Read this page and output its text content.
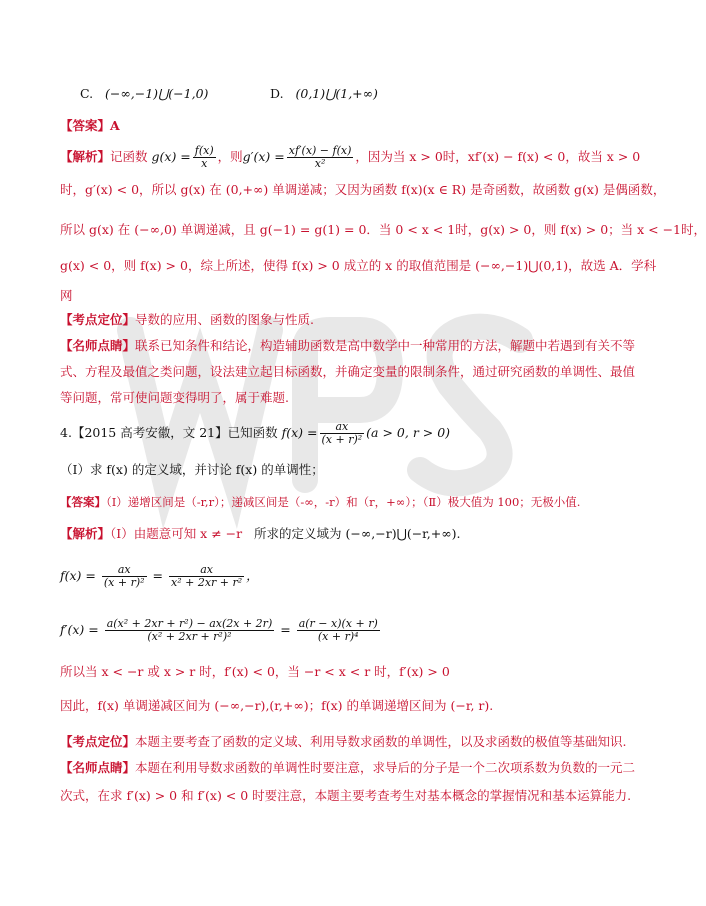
C. (−∞,−1)⋃(−1,0)	D. (0,1)⋃(1,+∞)
【答案】A
【解析】记函数 $g(x) = \frac{f(x)}{x}$ ，则$g'(x) = \frac{xf'(x) - f(x)}{\text{x²}}$ ，因为当 x > 0时，xf′(x) − f(x) < 0，故当 x > 0
时，g′(x) < 0，所以 g(x) 在 (0,+∞) 单调递减；又因为函数 f(x)(x ∈ R) 是奇函数，故函数 g(x) 是偶函数，
所以 g(x) 在 (−∞,0) 单调递减，且 g(−1) = g(1) = 0．当 0 < x < 1时，g(x) > 0，则 f(x) > 0；当 x < −1时，
g(x) < 0，则 f(x) > 0，综上所述，使得 f(x) > 0 成立的 x 的取值范围是 (−∞,−1)⋃(0,1)，故选 A．学科
网
【考点定位】导数的应用、函数的图象与性质.
【名师点睛】联系已知条件和结论，构造辅助函数是高中数学中一种常用的方法，解题中若遇到有关不等
式、方程及最值之类问题，设法建立起目标函数，并确定变量的限制条件，通过研究函数的单调性、最值
等问题，常可使问题变得明了，属于难题.
4.【2015 高考安徽，文 21】已知函数 $f(x) = \frac{ax}{\text{(x + r)²}} (a > 0$, r > 0)
（Ⅰ）求 f(x) 的定义域，并讨论 f(x) 的单调性；
【答案】（Ⅰ）递增区间是（-r,r）；递减区间是（-∞，-r）和（r，+∞）；（Ⅱ）极大值为 100；无极小值.
【解析】（Ⅰ）由题意可知 x ≠ −r 所求的定义域为 (−∞,−r)⋃(−r,+∞).
$f(x) = \frac{ax}{\text{(x + r)²}} = \frac{ax}{\text{x² + 2xr + r²}}$ ，
$f'(x) = \frac{\text{a(x² + 2xr + r²) − ax(2x + 2r)}}{\text{(x² + 2xr + r²)²}} = \frac{a(r - x)(x + r)}{\text{(x + r)⁴}}$
所以当 x < −r 或 x > r 时，f′(x) < 0，当 −r < x < r 时，f′(x) > 0
因此，f(x) 单调递减区间为 (−∞,−r),(r,+∞)；f(x) 的单调递增区间为 (−r, r).
【考点定位】本题主要考查了函数的定义域、利用导数求函数的单调性，以及求函数的极值等基础知识.
【名师点睛】本题在利用导数求函数的单调性时要注意，求导后的分子是一个二次项系数为负数的一元二
次式，在求 f′(x) > 0 和 f′(x) < 0 时要注意，本题主要考查考生对基本概念的掌握情况和基本运算能力.
